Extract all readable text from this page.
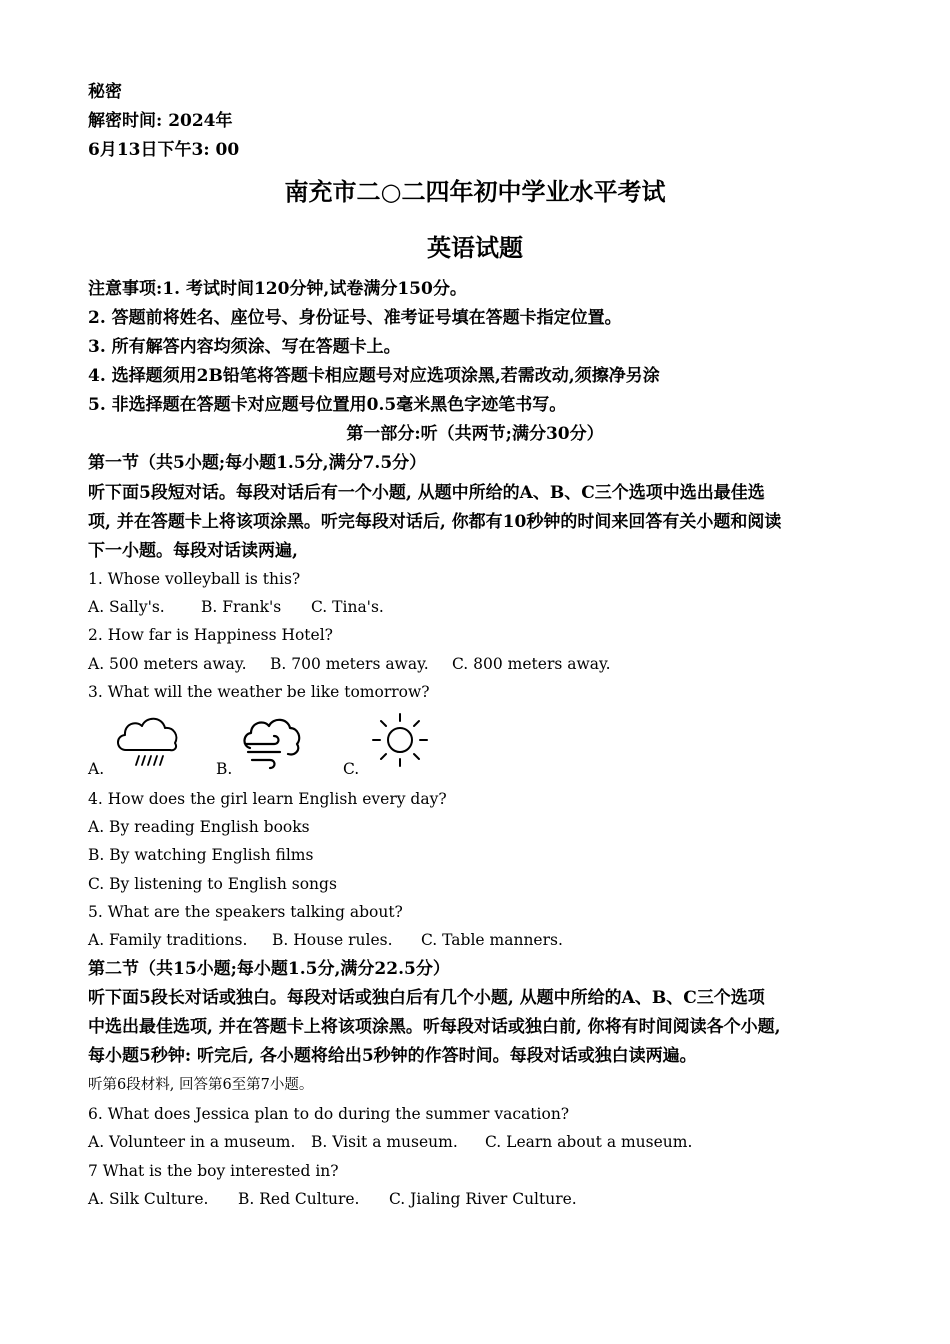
秘密
解密时间: 2024年
6月13日下午3: 00
南充市二○二四年初中学业水平考试
英语试题
注意事项:1. 考试时间120分钟,试卷满分150分。
2. 答题前将姓名、座位号、身份证号、准考证号填在答题卡指定位置。
3. 所有解答内容均须涂、写在答题卡上。
4. 选择题须用2B铅笔将答题卡相应题号对应选项涂黑,若需改动,须擦净另涂
5. 非选择题在答题卡对应题号位置用0.5毫米黑色字迹笔书写。
第一部分:听（共两节;满分30分）
第一节（共5小题;每小题1.5分,满分7.5分）
听下面5段短对话。每段对话后有一个小题, 从题中所给的A、B、C三个选项中选出最佳选
项, 并在答题卡上将该项涂黑。听完每段对话后, 你都有10秒钟的时间来回答有关小题和阅读
下一小题。每段对话读两遍,
1. Whose volleyball is this?
A. Sally's. B. Frank's C. Tina's.
2. How far is Happiness Hotel?
A. 500 meters away. B. 700 meters away. C. 800 meters away.
3. What will the weather be like tomorrow?
A.	B.	C.
4. How does the girl learn English every day?
A. By reading English books
B. By watching English films
C. By listening to English songs
5. What are the speakers talking about?
A. Family traditions. B. House rules. C. Table manners.
第二节（共15小题;每小题1.5分,满分22.5分）
听下面5段长对话或独白。每段对话或独白后有几个小题, 从题中所给的A、B、C三个选项
中选出最佳选项, 并在答题卡上将该项涂黑。听每段对话或独白前, 你将有时间阅读各个小题,
每小题5秒钟: 听完后, 各小题将给出5秒钟的作答时间。每段对话或独白读两遍。
听第6段材料, 回答第6至第7小题。
6. What does Jessica plan to do during the summer vacation?
A. Volunteer in a museum. B. Visit a museum. C. Learn about a museum.
7 What is the boy interested in?
A. Silk Culture. B. Red Culture. C. Jialing River Culture.
